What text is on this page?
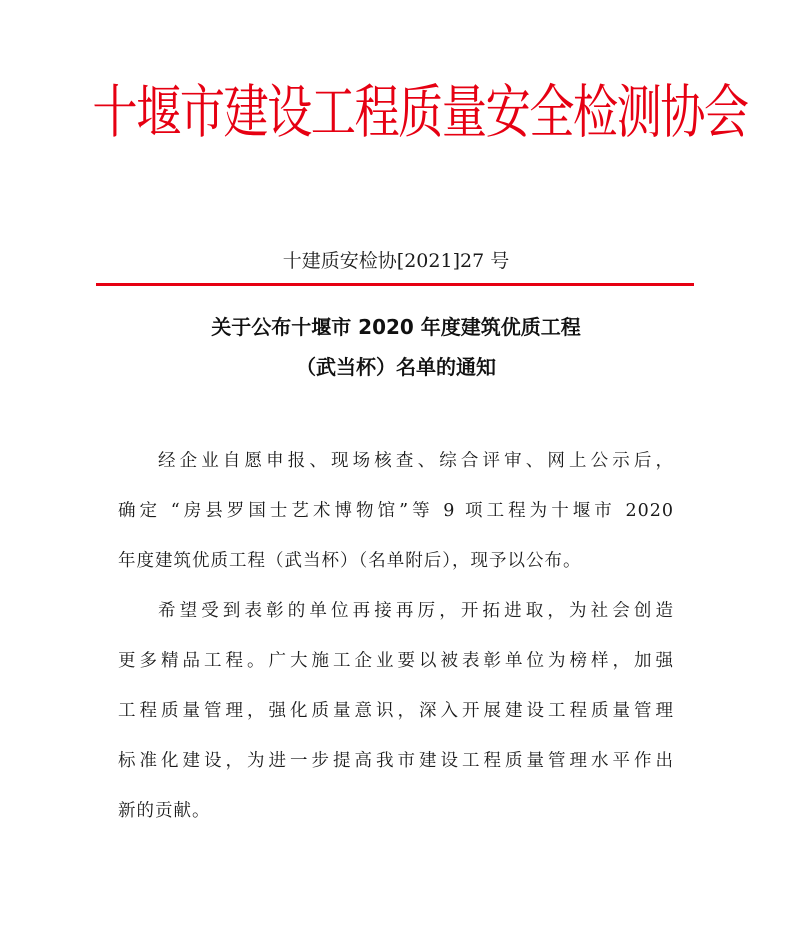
十堰市建设工程质量安全检测协会
十建质安检协[2021]27 号
关于公布十堰市 2020 年度建筑优质工程
（武当杯）名单的通知
经企业自愿申报、现场核查、综合评审、网上公示后，
确定 “房县罗国士艺术博物馆”等 9 项工程为十堰市 2020
年度建筑优质工程（武当杯）（名单附后），现予以公布。
希望受到表彰的单位再接再厉，开拓进取，为社会创造
更多精品工程。广大施工企业要以被表彰单位为榜样，加强
工程质量管理，强化质量意识，深入开展建设工程质量管理
标准化建设，为进一步提高我市建设工程质量管理水平作出
新的贡献。
